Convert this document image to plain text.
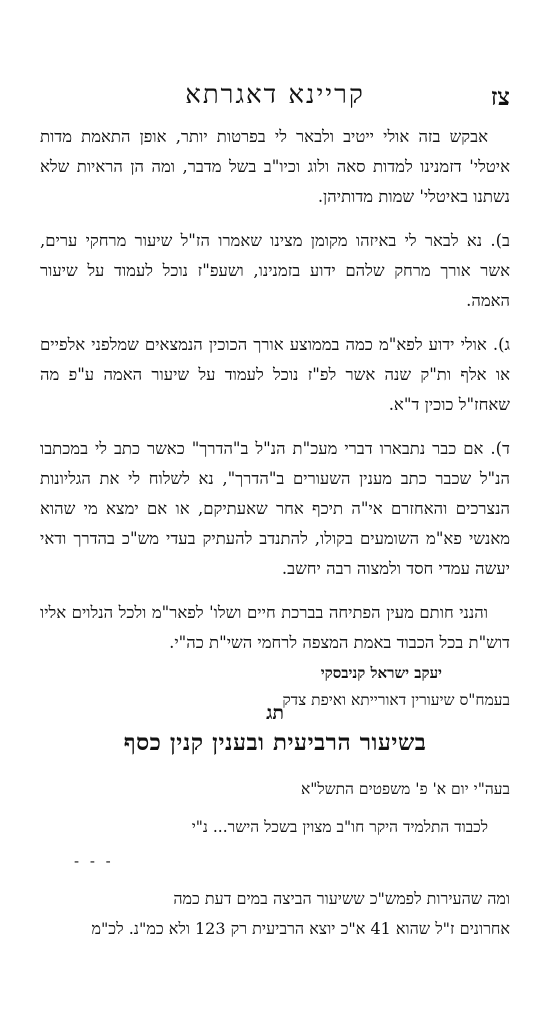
צז
קריינא דאגרתא

אבקש בזה אולי ייטיב ולבאר לי בפרטות יותר, אופן התאמת מדות איטלי' דזמנינו למדות סאה ולוג וכיו"ב בשל מדבר, ומה הן הראיות שלא נשתנו באיטלי' שמות מדותיהן.

ב). נא לבאר לי באיזהו מקומן מצינו שאמרו הז"ל שיעור מרחקי ערים, אשר אורך מרחק שלהם ידוע בזמנינו, ושעפ"ז נוכל לעמוד על שיעור האמה.

ג). אולי ידוע לפא"מ כמה בממוצע אורך הכוכין הנמצאים שמלפני אלפיים או אלף ות"ק שנה אשר לפ"ז נוכל לעמוד על שיעור האמה ע"פ מה שאחז"ל כוכין ד"א.

ד). אם כבר נתבארו דברי מעכ"ת הנ"ל ב"הדרך" כאשר כתב לי במכתבו הנ"ל שכבר כתב מענין השעורים ב"הדרך", נא לשלוח לי את הגליונות הנצרכים והאחזרם אי"ה תיכף אחר שאעתיקם, או אם ימצא מי שהוא מאנשי פא"מ השומעים בקולו, להתנדב להעתיק בעדי מש"כ בהדרך ודאי יעשה עמדי חסד ולמצוה רבה יחשב.

והנני חותם מעין הפתיחה בברכת חיים ושלו' לפאר"מ ולכל הנלוים אליו דוש"ת בכל הכבוד באמת המצפה לרחמי השי"ת כה"י.

יעקב ישראל קניבסקי

בעמח"ס שיעורין דאורייתא ואיפת צדק

תג
בשיעור הרביעית ובענין קנין כסף
בעה"י יום א' פ' משפטים התשל"א
לכבוד התלמיד היקר חו"ב מצוין בשכל הישר... נ"י
- - -

ומה שהעירות לפמש"כ ששיעור הביצה במים דעת כמה

אחרונים ז"ל שהוא 41 א"כ יוצא הרביעית רק 123 ולא כמ"נ. לכ"מ
